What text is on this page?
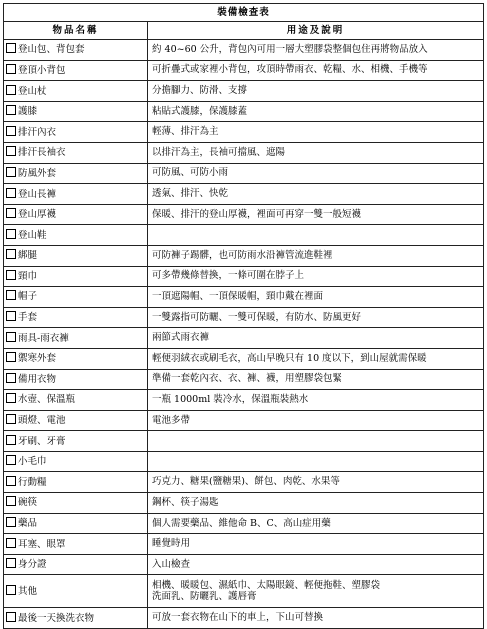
裝備檢查表	
物品名稱	用途及說明
登山包、背包套	約 40~60 公升，背包內可用一層大塑膠袋整個包住再將物品放入

登頂小背包	可折疊式或家裡小背包，攻頂時帶雨衣、乾糧、水、相機、手機等

登山杖	分擔腳力、防滑、支撐

護膝	粘貼式護膝，保護膝蓋

排汗內衣	輕薄、排汗為主

排汗長袖衣	以排汗為主，長袖可擋風、遮陽

防風外套	可防風、可防小雨

登山長褲	透氣、排汗、快乾

登山厚襪	保暖、排汗的登山厚襪，裡面可再穿一雙一般短襪

登山鞋	

綁腿	可防褲子踢髒，也可防雨水沿褲管流進鞋裡

頸巾	可多帶幾條替換，一條可圍在脖子上

帽子	一頂遮陽帽、一頂保暖帽，頸巾戴在裡面

手套	一雙露指可防曬、一雙可保暖，有防水、防風更好

雨具-雨衣褲	兩節式雨衣褲

禦寒外套	輕便羽絨衣或刷毛衣，高山早晚只有 10 度以下，到山屋就需保暖

備用衣物	準備一套乾內衣、衣、褲、襪，用塑膠袋包緊

水壺、保溫瓶	一瓶 1000ml 裝冷水，保溫瓶裝熱水

頭燈、電池	電池多帶

牙刷、牙膏	

小毛巾	

行動糧	巧克力、糖果(鹽糖果)、餅包、肉乾、水果等

碗筷	鋼杯、筷子湯匙

藥品	個人需要藥品、維他命 B、C、高山症用藥

耳塞、眼罩	睡覺時用

身分證	入山檢查

其他	相機、暖暖包、濕紙巾、太陽眼鏡、輕便拖鞋、塑膠袋
洗面乳、防曬乳、護唇膏

最後一天換洗衣物	可放一套衣物在山下的車上，下山可替換
